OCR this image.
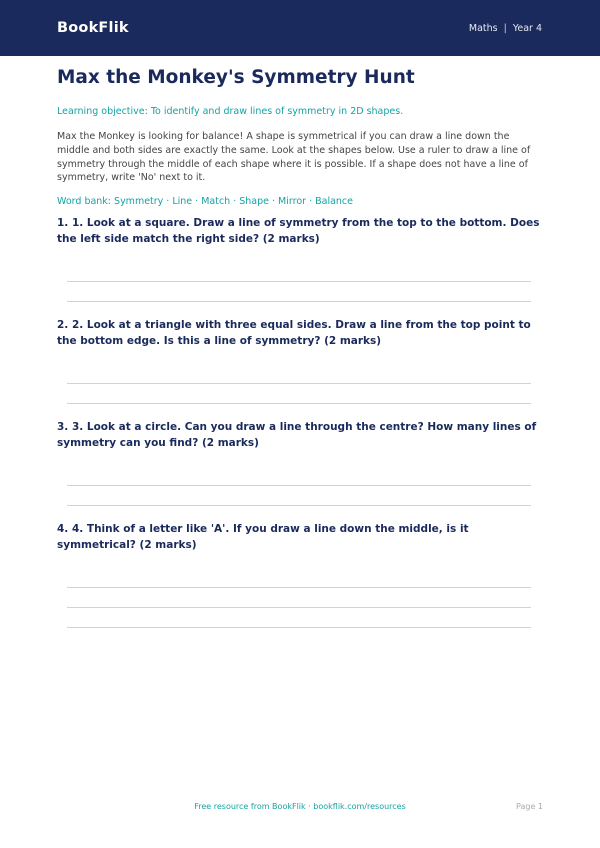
BookFlik	Maths | Year 4
Max the Monkey's Symmetry Hunt

Learning objective: To identify and draw lines of symmetry in 2D shapes.

Max the Monkey is looking for balance! A shape is symmetrical if you can draw a line down the middle and both sides are exactly the same. Look at the shapes below. Use a ruler to draw a line of symmetry through the middle of each shape where it is possible. If a shape does not have a line of symmetry, write 'No' next to it.

Word bank: Symmetry · Line · Match · Shape · Mirror · Balance

1. 1. Look at a square. Draw a line of symmetry from the top to the bottom. Does the left side match the right side? (2 marks)
2. 2. Look at a triangle with three equal sides. Draw a line from the top point to the bottom edge. Is this a line of symmetry? (2 marks)
3. 3. Look at a circle. Can you draw a line through the centre? How many lines of symmetry can you find? (2 marks)
4. 4. Think of a letter like 'A'. If you draw a line down the middle, is it symmetrical? (2 marks)
Free resource from BookFlik · bookflik.com/resources	Page 1
